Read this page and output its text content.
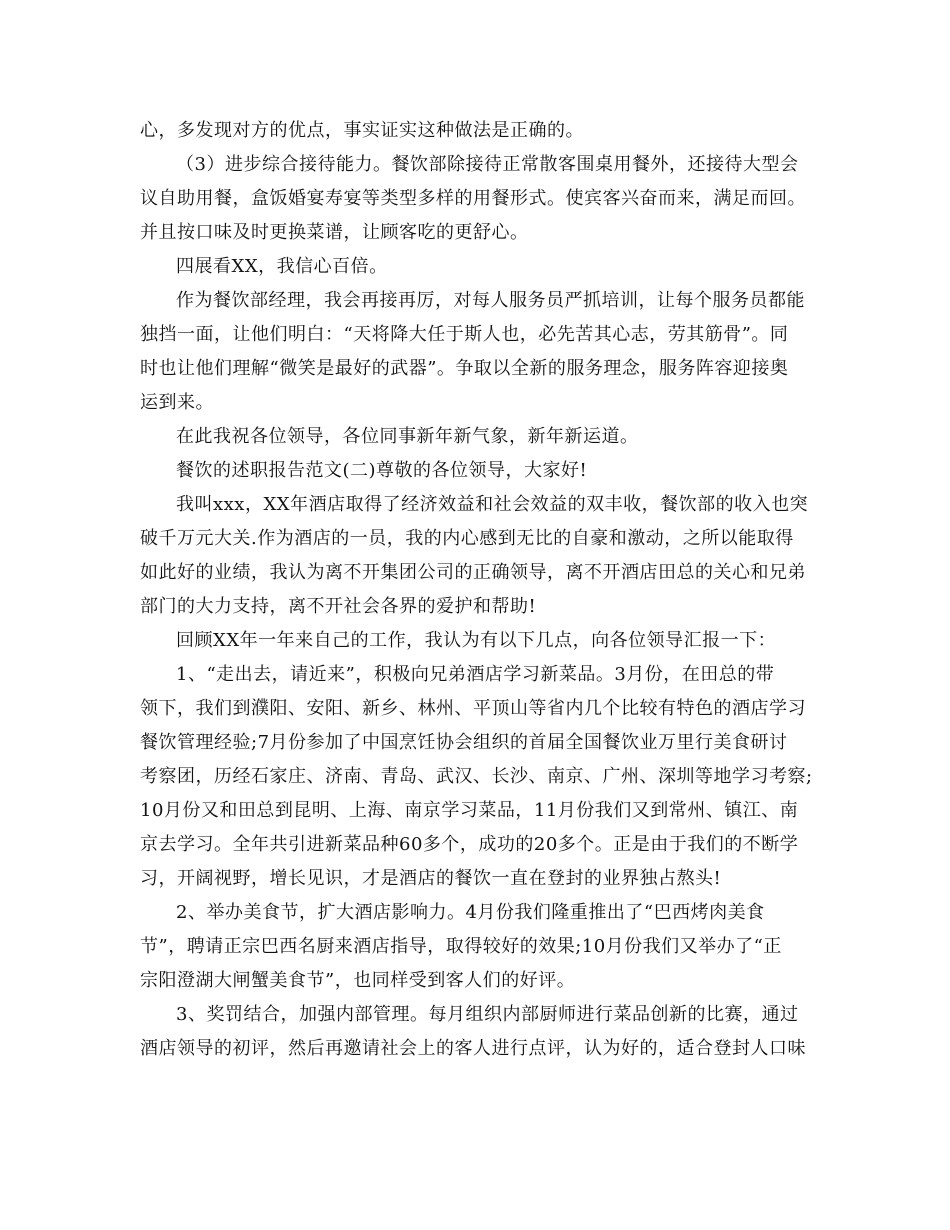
心，多发现对方的优点，事实证实这种做法是正确的。
（3）进步综合接待能力。餐饮部除接待正常散客围桌用餐外，还接待大型会
议自助用餐，盒饭婚宴寿宴等类型多样的用餐形式。使宾客兴奋而来，满足而回。
并且按口味及时更换菜谱，让顾客吃的更舒心。
四展看XX，我信心百倍。
作为餐饮部经理，我会再接再厉，对每人服务员严抓培训，让每个服务员都能
独挡一面，让他们明白：“天将降大任于斯人也，必先苦其心志，劳其筋骨”。同
时也让他们理解“微笑是最好的武器”。争取以全新的服务理念，服务阵容迎接奥
运到来。
在此我祝各位领导，各位同事新年新气象，新年新运道。
餐饮的述职报告范文(二)尊敬的各位领导，大家好!
我叫xxx，XX年酒店取得了经济效益和社会效益的双丰收，餐饮部的收入也突
破千万元大关.作为酒店的一员，我的内心感到无比的自豪和激动，之所以能取得
如此好的业绩，我认为离不开集团公司的正确领导，离不开酒店田总的关心和兄弟
部门的大力支持，离不开社会各界的爱护和帮助!
回顾XX年一年来自己的工作，我认为有以下几点，向各位领导汇报一下：
1、“走出去，请近来”，积极向兄弟酒店学习新菜品。3月份，在田总的带
领下，我们到濮阳、安阳、新乡、林州、平顶山等省内几个比较有特色的酒店学习
餐饮管理经验;7月份参加了中国烹饪协会组织的首届全国餐饮业万里行美食研讨
考察团，历经石家庄、济南、青岛、武汉、长沙、南京、广州、深圳等地学习考察;
10月份又和田总到昆明、上海、南京学习菜品，11月份我们又到常州、镇江、南
京去学习。全年共引进新菜品种60多个，成功的20多个。正是由于我们的不断学
习，开阔视野，增长见识，才是酒店的餐饮一直在登封的业界独占熬头!
2、举办美食节，扩大酒店影响力。4月份我们隆重推出了“巴西烤肉美食
节”，聘请正宗巴西名厨来酒店指导，取得较好的效果;10月份我们又举办了“正
宗阳澄湖大闸蟹美食节”，也同样受到客人们的好评。
3、奖罚结合，加强内部管理。每月组织内部厨师进行菜品创新的比赛，通过
酒店领导的初评，然后再邀请社会上的客人进行点评，认为好的，适合登封人口味
